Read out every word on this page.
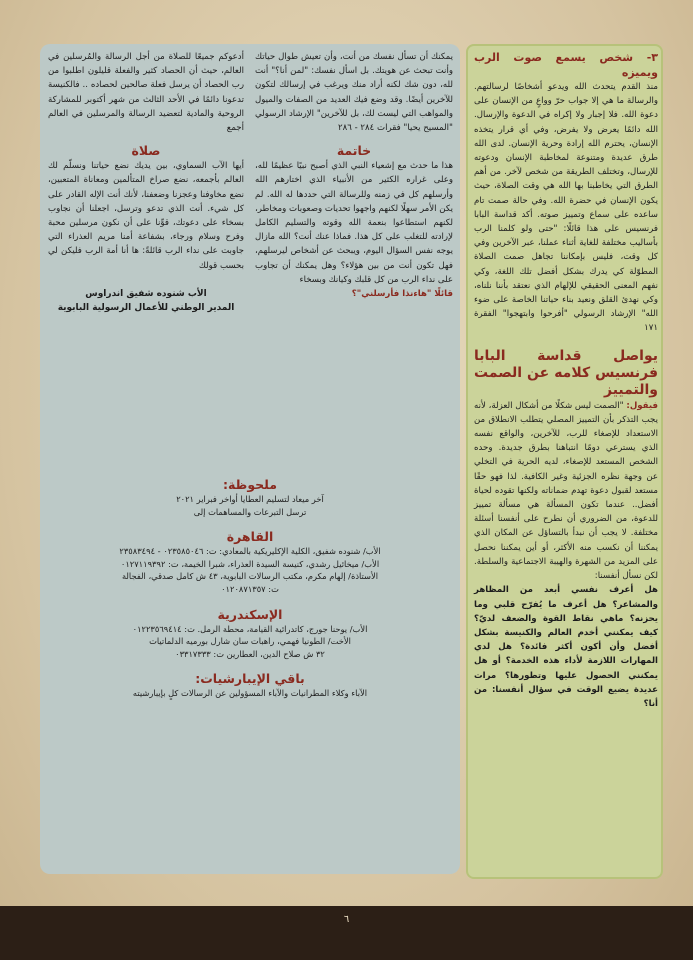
٣- شخص يسمع صوت الرب ويميزه

منذ القدم يتحدث الله ويدعو أشخاصًا لرسالتهم. والرسالة ما هي إلا جواب حرّ وواعٍ من الإنسان على دعوة الله. فلا إجبار ولا إكراه في الدعوة والإرسال. الله دائمًا يعرض ولا يفرض، وفي أي قرار يتخذه الإنسان، يحترم الله إرادة وحرية الإنسان. لدى الله طرق عديدة ومتنوعة لمخاطبة الإنسان ودعوته للإرسال، وتختلف الطريقة من شخص لآخر. من أهم الطرق التي يخاطبنا بها الله هي وقت الصلاة، حيث يكون الإنسان في حضرة الله. وفي حالة صمت تام ساعده على سماع وتمييز صوته. أكد قداسة البابا فرنسيس على هذا قائلًا: "حتى ولو كلمنا الرب بأساليب مختلفة للغاية أثناء عملنا، عبر الآخرين وفي كل وقت، فليس بإمكاننا تجاهل صمت الصلاة المطوّلة كي يدرك بشكل أفضل تلك اللغة، وكي نفهم المعنى الحقيقي للإلهام الذي نعتقد بأننا نلناه، وكي نهدئ القلق ونعيد بناء حياتنا الخاصة على ضوء الله" الإرشاد الرسولي "أفرحوا وابتهجوا" الفقرة ١٧١

يواصل قداسة البابا فرنسيس كلامه عن الصمت والتمييز

فيقول: "الصمت ليس شكلًا من أشكال العزلة، لأنه يجب التذكر بأن التمييز المصلي يتطلب الانطلاق من الاستعداد للإصغاء للرب، للآخرين، والواقع نفسه الذي يسترعي دومًا انتباهنا بطرق جديدة. وحده الشخص المستعد للإصغاء، لديه الحرية في التخلي عن وجهة نظره الجزئية وغير الكافية. لذا فهو حقًا مستعد لقبول دعوة تهدم ضماناته ولكنها تقوده لحياة أفضل.. عندما تكون المسألة هي مسألة تمييز للدعوة، من الضروري أن نطرح على أنفسنا أسئلة مختلفة. لا يجب أن نبدأ بالتساؤل عن المكان الذي يمكننا أن نكسب منه الأكثر، أو أين يمكننا نحصل على المزيد من الشهرة والهيبة الاجتماعية والسلطة. لكن نسأل أنفسنا:

هل أعرف نفسي أبعد من المظاهر والمشاعر؟ هل أعرف ما يُفرّح قلبي وما يحزنه؟ ماهي نقاط القوة والضعف لديّ؟ كيف يمكنني أخدم العالم والكنيسة بشكل أفضل وأن أكون أكثر فائدة؟ هل لدي المهارات اللازمة لأداء هذه الخدمة؟ أو هل يمكنني الحصول عليها وتطورها؟ مرات عديدة يضيع الوقت في سؤال أنفسنا: من أنا؟

يمكنك أن تسأل نفسك من أنت، وأن تعيش طوال حياتك وأنت تبحث عن هويتك. بل اسأل نفسك: "لمن أنا؟" أنت لله، دون شك لكنه أراد منك ويرغب في إرسالك لتكون للآخرين أيضًا. وقد وضع فيك العديد من الصفات والميول والمواهب التي ليست لك، بل للآخرين" الإرشاد الرسولي "المسيح يحيا" فقرات ٢٨٤ - ٢٨٦

خاتمة

هذا ما حدث مع إشعياء النبي الذي أصبح نبيًا عظيمًا لله، وعلى غراره الكثير من الأنبياء الذي اختارهم الله وأرسلهم كل في زمنه وللرسالة التي حددها له الله. لم يكن الأمر سهلًا لكنهم واجهوا تحديات وصعوبات ومخاطر، لكنهم استطاعوا بنعمة الله وقوته والتسليم الكامل لإرادته للتغلب على كل هذا. فماذا عنك أنت؟ الله مازال يوجه نفس السؤال اليوم، ويبحث عن أشخاص ليرسلهم، فهل تكون أنت من بين هؤلاء؟ وهل يمكنك أن تجاوب على نداء الرب من كل قلبك وكيانك وبسخاء

قائلًا "هاءنذا فأرسلني"؟

أدعوكم جميعًا للصلاة من أجل الرسالة والمُرسلين في العالم، حيث أن الحصاد كثير والفعلة قليلون اطلبوا من رب الحصاد أن يرسل فعلة صالحين لحصاده .. فالكنيسة تدعونا دائمًا في الأحد الثالث من شهر أكتوبر للمشاركة الروحية والمادية لتعضيد الرسالة والمرسلين في العالم أجمع

صلاة

أيها الآب السماوي، بين يديك نضع حياتنا ونسلّم لك العالم بأجمعه، نضع صراخ المتألمين ومعاناة المتعبين، نضع مخاوفنا وعجزنا وضعفنا، لأنك أنت الإله القادر على كل شيء. أنت الذي تدعو وترسل، اجعلنا أن نجاوب بسخاء على دعوتك، قوِّنا على أن نكون مرسلين محبة وفرح وسلام ورجاء، بشفاعة أمنا مريم العذراء التي جاوبت على نداء الرب قائلةً: ها أنا أمة الرب فليكن لي بحسب قولك

الأب شنوده شفيق اندراوس
المدير الوطني للأعمال الرسولية البابوية
ملحوظة:

آخر ميعاد لتسليم العطايا أواخر فبراير ٢٠٢١

ترسل التبرعات والمساهمات إلى

القاهرة

الأب/ شنوده شفيق، الكلية الإكليريكية بالمعادي: ت: ٠٢٣٥٨٥٠٤٦ - ٢٣٥٨٣٤٩٤

الأب/ ميخائيل رشدي، كنيسة السيدة العذراء، شبرا الخيمة، ت: ٠١٢٧١١٩٣٩٢

الأستاذة/ إلهام مكرم، مكتب الرسالات البابوية، ٤٣ ش كامل صدقي، الفجالة

ت: ٠١٢٠٨٧١٣٥٧

الإسكندرية

الأب/ يوحنا جورج، كاتدرائية القيامة، محطة الرمل. ت: ٠١٢٢٣٥٦٩٤١٤

الأخت/ الطونيا فهمي، راهبات سان شارل بورميه الدلماتيات

٣٢ ش صلاح الدين، العطارين ت: ٠٣٣١٧٣٣٣

باقي الإيبارشيات:

الآباء وكلاء المطرانيات والآباء المسؤولين عن الرسالات كلٍ بإيبارشيته

٦
